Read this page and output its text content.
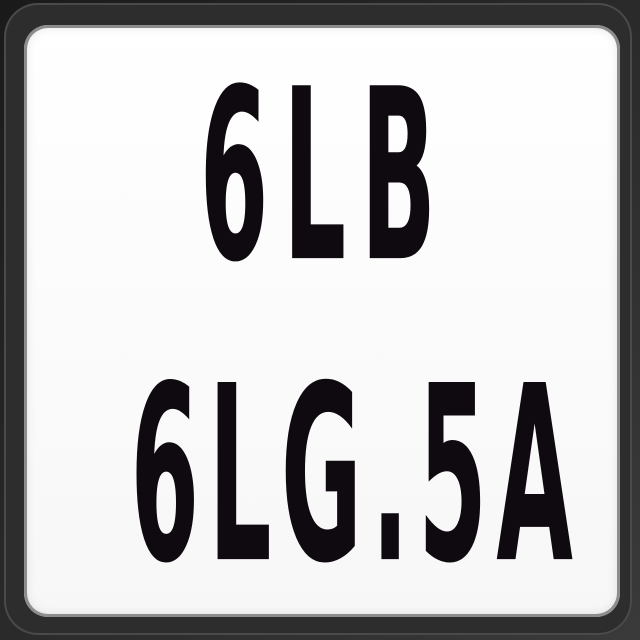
6LB
6LG.5A
